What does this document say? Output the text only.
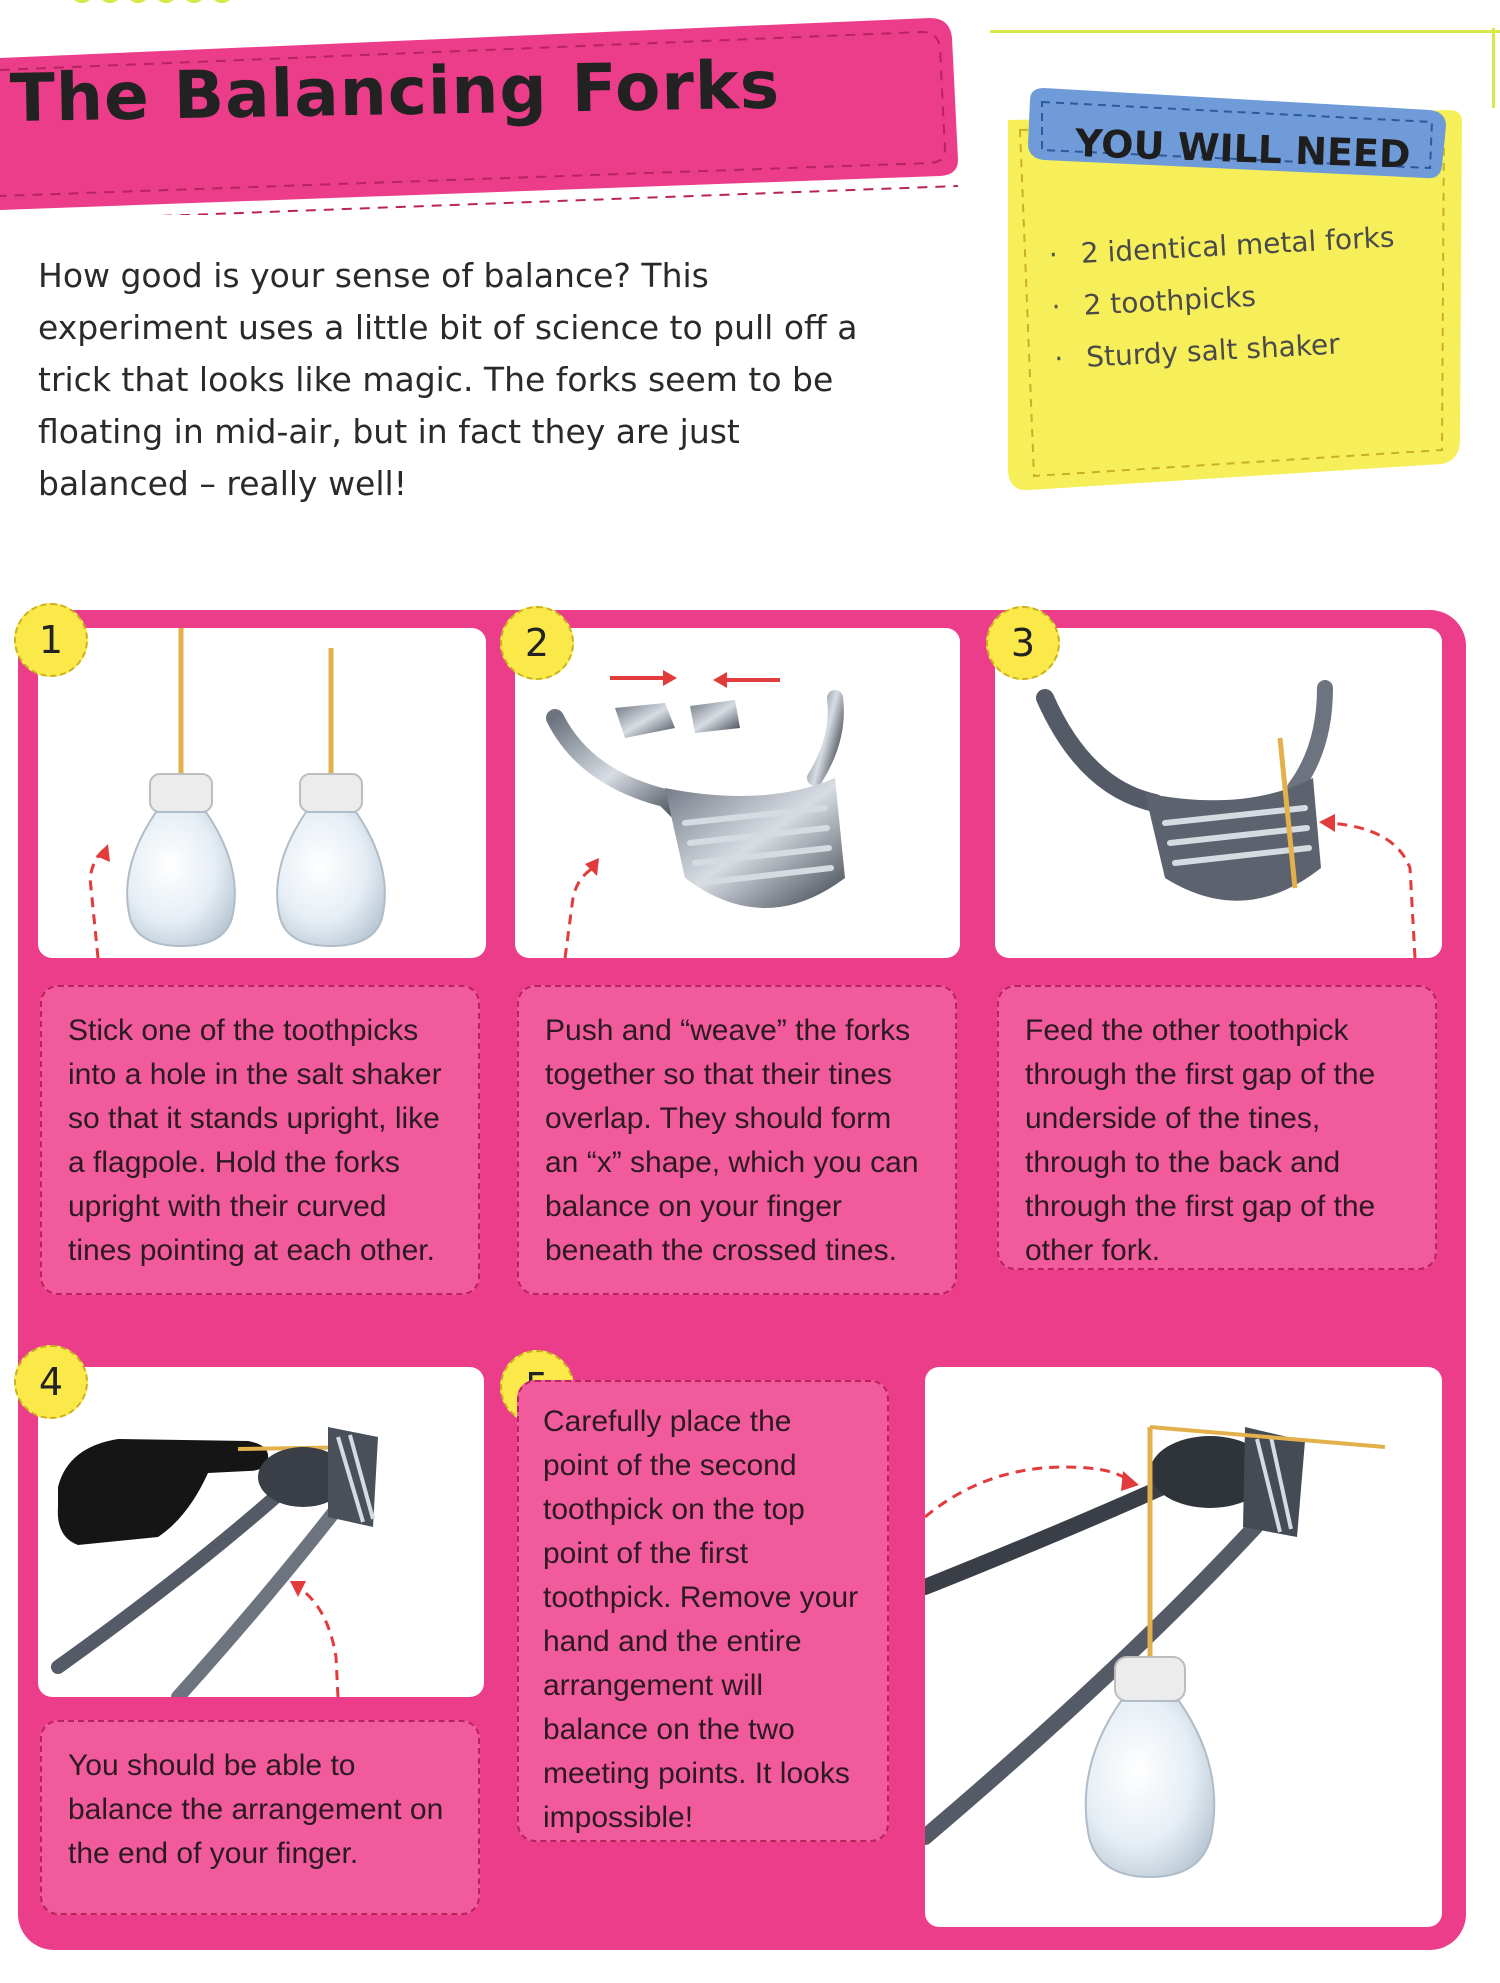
The Balancing Forks

How good is your sense of balance? This experiment uses a little bit of science to pull off a trick that looks like magic. The forks seem to be floating in mid-air, but in fact they are just balanced – really well!

YOU WILL NEED
· 2 identical metal forks
· 2 toothpicks
· Sturdy salt shaker
1

Stick one of the toothpicks into a hole in the salt shaker so that it stands upright, like a flagpole. Hold the forks upright with their curved tines pointing at each other.

2

Push and “weave” the forks together so that their tines overlap. They should form an “x” shape, which you can balance on your finger beneath the crossed tines.

3

Feed the other toothpick through the first gap of the underside of the tines, through to the back and through the first gap of the other fork.

4

You should be able to balance the arrangement on the end of your finger.

Carefully place the point of the second toothpick on the top point of the first toothpick. Remove your hand and the entire arrangement will balance on the two meeting points. It looks impossible!
